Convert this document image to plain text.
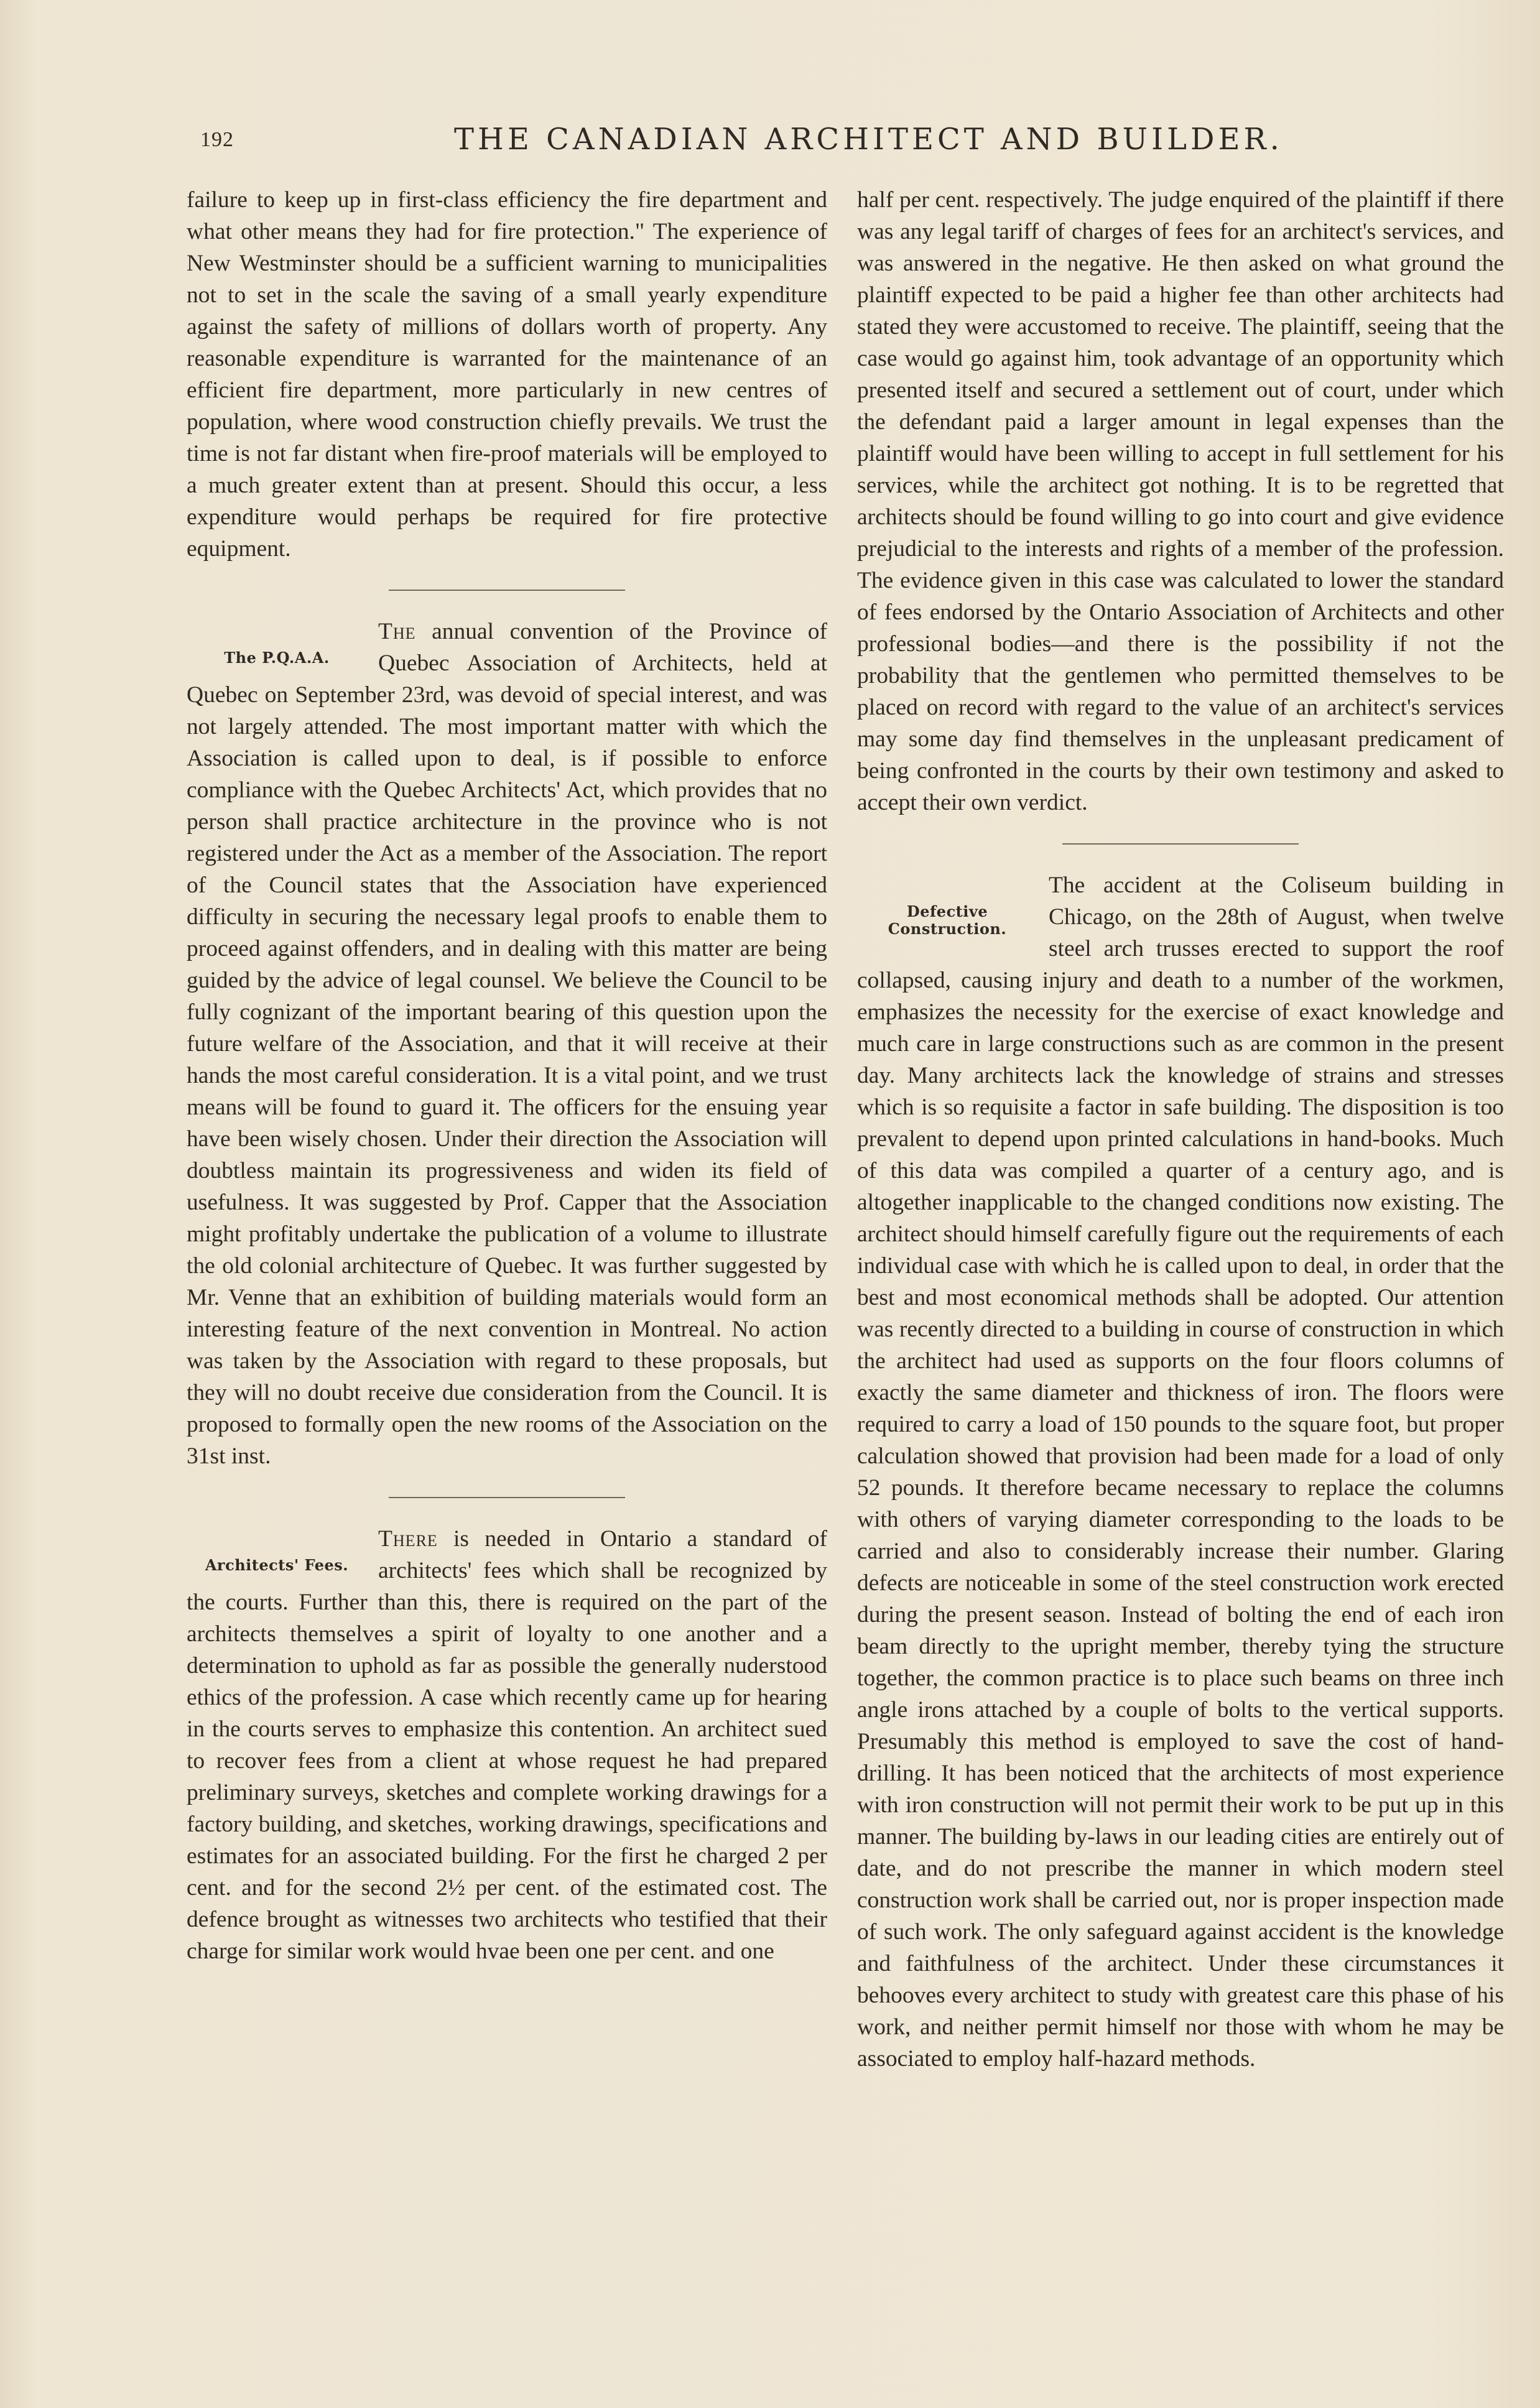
192	THE CANADIAN ARCHITECT AND BUILDER.

failure to keep up in first-class efficiency the fire department and what other means they had for fire protection." The experience of New Westminster should be a sufficient warning to municipalities not to set in the scale the saving of a small yearly expenditure against the safety of millions of dollars worth of property. Any reasonable expenditure is warranted for the maintenance of an efficient fire department, more particularly in new centres of population, where wood construction chiefly prevails. We trust the time is not far distant when fire-proof materials will be employed to a much greater extent than at present. Should this occur, a less expenditure would perhaps be required for fire protective equipment.

The P.Q.A.A.

The annual convention of the Province of Quebec Association of Architects, held at Quebec on September 23rd, was devoid of special interest, and was not largely attended. The most important matter with which the Association is called upon to deal, is if possible to enforce compliance with the Quebec Architects' Act, which provides that no person shall practice architecture in the province who is not registered under the Act as a member of the Association. The report of the Council states that the Association have experienced difficulty in securing the necessary legal proofs to enable them to proceed against offenders, and in dealing with this matter are being guided by the advice of legal counsel. We believe the Council to be fully cognizant of the important bearing of this question upon the future welfare of the Association, and that it will receive at their hands the most careful consideration. It is a vital point, and we trust means will be found to guard it. The officers for the ensuing year have been wisely chosen. Under their direction the Association will doubtless maintain its progressiveness and widen its field of usefulness. It was suggested by Prof. Capper that the Association might profitably undertake the publication of a volume to illustrate the old colonial architecture of Quebec. It was further suggested by Mr. Venne that an exhibition of building materials would form an interesting feature of the next convention in Montreal. No action was taken by the Association with regard to these proposals, but they will no doubt receive due consideration from the Council. It is proposed to formally open the new rooms of the Association on the 31st inst.

Architects' Fees.

There is needed in Ontario a standard of architects' fees which shall be recognized by the courts. Further than this, there is required on the part of the architects themselves a spirit of loyalty to one another and a determination to uphold as far as possible the generally nuderstood ethics of the profession. A case which recently came up for hearing in the courts serves to emphasize this contention. An architect sued to recover fees from a client at whose request he had prepared preliminary surveys, sketches and complete working drawings for a factory building, and sketches, working drawings, specifications and estimates for an associated building. For the first he charged 2 per cent. and for the second 2½ per cent. of the estimated cost. The defence brought as witnesses two architects who testified that their charge for similar work would hvae been one per cent. and one

half per cent. respectively. The judge enquired of the plaintiff if there was any legal tariff of charges of fees for an architect's services, and was answered in the negative. He then asked on what ground the plaintiff expected to be paid a higher fee than other architects had stated they were accustomed to receive. The plaintiff, seeing that the case would go against him, took advantage of an opportunity which presented itself and secured a settlement out of court, under which the defendant paid a larger amount in legal expenses than the plaintiff would have been willing to accept in full settlement for his services, while the architect got nothing. It is to be regretted that architects should be found willing to go into court and give evidence prejudicial to the interests and rights of a member of the profession. The evidence given in this case was calculated to lower the standard of fees endorsed by the Ontario Association of Architects and other professional bodies—and there is the possibility if not the probability that the gentlemen who permitted themselves to be placed on record with regard to the value of an architect's services may some day find themselves in the unpleasant predicament of being confronted in the courts by their own testimony and asked to accept their own verdict.

Defective Construction.

The accident at the Coliseum building in Chicago, on the 28th of August, when twelve steel arch trusses erected to support the roof collapsed, causing injury and death to a number of the workmen, emphasizes the necessity for the exercise of exact knowledge and much care in large constructions such as are common in the present day. Many architects lack the knowledge of strains and stresses which is so requisite a factor in safe building. The disposition is too prevalent to depend upon printed calculations in hand-books. Much of this data was compiled a quarter of a century ago, and is altogether inapplicable to the changed conditions now existing. The architect should himself carefully figure out the requirements of each individual case with which he is called upon to deal, in order that the best and most economical methods shall be adopted. Our attention was recently directed to a building in course of construction in which the architect had used as supports on the four floors columns of exactly the same diameter and thickness of iron. The floors were required to carry a load of 150 pounds to the square foot, but proper calculation showed that provision had been made for a load of only 52 pounds. It therefore became necessary to replace the columns with others of varying diameter corresponding to the loads to be carried and also to considerably increase their number. Glaring defects are noticeable in some of the steel construction work erected during the present season. Instead of bolting the end of each iron beam directly to the upright member, thereby tying the structure together, the common practice is to place such beams on three inch angle irons attached by a couple of bolts to the vertical supports. Presumably this method is employed to save the cost of hand-drilling. It has been noticed that the architects of most experience with iron construction will not permit their work to be put up in this manner. The building by-laws in our leading cities are entirely out of date, and do not prescribe the manner in which modern steel construction work shall be carried out, nor is proper inspection made of such work. The only safeguard against accident is the knowledge and faithfulness of the architect. Under these circumstances it behooves every architect to study with greatest care this phase of his work, and neither permit himself nor those with whom he may be associated to employ half-hazard methods.
